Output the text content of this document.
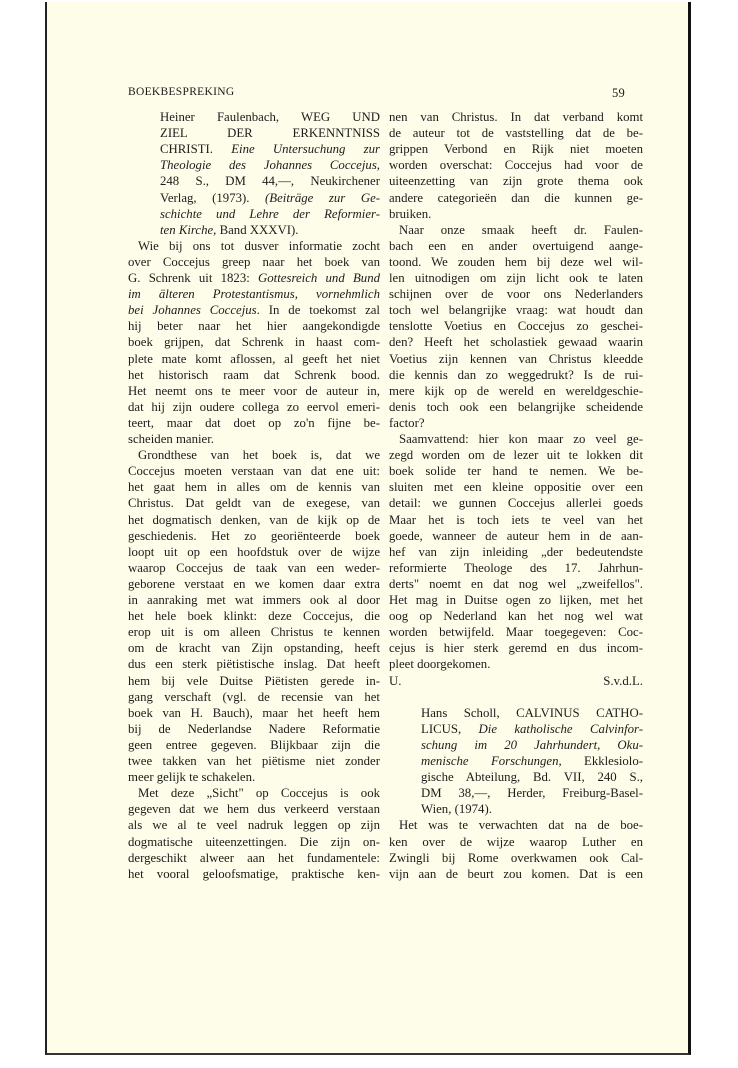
BOEKBESPREKING	59
Heiner Faulenbach, WEG UND
ZIEL DER ERKENNTNISS
CHRISTI. Eine Untersuchung zur
Theologie des Johannes Coccejus,
248 S., DM 44,—, Neukirchener
Verlag, (1973). (Beiträge zur Ge-
schichte und Lehre der Reformier-
ten Kirche, Band XXXVI).
Wie bij ons tot dusver informatie zocht
over Coccejus greep naar het boek van
G. Schrenk uit 1823: Gottesreich und Bund
im älteren Protestantismus, vornehmlich
bei Johannes Coccejus. In de toekomst zal
hij beter naar het hier aangekondigde
boek grijpen, dat Schrenk in haast com-
plete mate komt aflossen, al geeft het niet
het historisch raam dat Schrenk bood.
Het neemt ons te meer voor de auteur in,
dat hij zijn oudere collega zo eervol emeri-
teert, maar dat doet op zo'n fijne be-
scheiden manier.
Grondthese van het boek is, dat we
Coccejus moeten verstaan van dat ene uit:
het gaat hem in alles om de kennis van
Christus. Dat geldt van de exegese, van
het dogmatisch denken, van de kijk op de
geschiedenis. Het zo georiënteerde boek
loopt uit op een hoofdstuk over de wijze
waarop Coccejus de taak van een weder-
geborene verstaat en we komen daar extra
in aanraking met wat immers ook al door
het hele boek klinkt: deze Coccejus, die
erop uit is om alleen Christus te kennen
om de kracht van Zijn opstanding, heeft
dus een sterk piëtistische inslag. Dat heeft
hem bij vele Duitse Piëtisten gerede in-
gang verschaft (vgl. de recensie van het
boek van H. Bauch), maar het heeft hem
bij de Nederlandse Nadere Reformatie
geen entree gegeven. Blijkbaar zijn die
twee takken van het piëtisme niet zonder
meer gelijk te schakelen.
Met deze „Sicht" op Coccejus is ook
gegeven dat we hem dus verkeerd verstaan
als we al te veel nadruk leggen op zijn
dogmatische uiteenzettingen. Die zijn on-
dergeschikt alweer aan het fundamentele:
het vooral geloofsmatige, praktische ken-
nen van Christus. In dat verband komt
de auteur tot de vaststelling dat de be-
grippen Verbond en Rijk niet moeten
worden overschat: Coccejus had voor de
uiteenzetting van zijn grote thema ook
andere categorieën dan die kunnen ge-
bruiken.
Naar onze smaak heeft dr. Faulen-
bach een en ander overtuigend aange-
toond. We zouden hem bij deze wel wil-
len uitnodigen om zijn licht ook te laten
schijnen over de voor ons Nederlanders
toch wel belangrijke vraag: wat houdt dan
tenslotte Voetius en Coccejus zo geschei-
den? Heeft het scholastiek gewaad waarin
Voetius zijn kennen van Christus kleedde
die kennis dan zo weggedrukt? Is de rui-
mere kijk op de wereld en wereldgeschie-
denis toch ook een belangrijke scheidende
factor?
Saamvattend: hier kon maar zo veel ge-
zegd worden om de lezer uit te lokken dit
boek solide ter hand te nemen. We be-
sluiten met een kleine oppositie over een
detail: we gunnen Coccejus allerlei goeds
Maar het is toch iets te veel van het
goede, wanneer de auteur hem in de aan-
hef van zijn inleiding „der bedeutendste
reformierte Theologe des 17. Jahrhun-
derts" noemt en dat nog wel „zweifellos".
Het mag in Duitse ogen zo lijken, met het
oog op Nederland kan het nog wel wat
worden betwijfeld. Maar toegegeven: Coc-
cejus is hier sterk geremd en dus incom-
pleet doorgekomen.
U.	S.v.d.L.
Hans Scholl, CALVINUS CATHO-
LICUS, Die katholische Calvinfor-
schung im 20 Jahrhundert, Oku-
menische Forschungen, Ekklesiolo-
gische Abteilung, Bd. VII, 240 S.,
DM 38,—, Herder, Freiburg-Basel-
Wien, (1974).
Het was te verwachten dat na de boe-
ken over de wijze waarop Luther en
Zwingli bij Rome overkwamen ook Cal-
vijn aan de beurt zou komen. Dat is een
